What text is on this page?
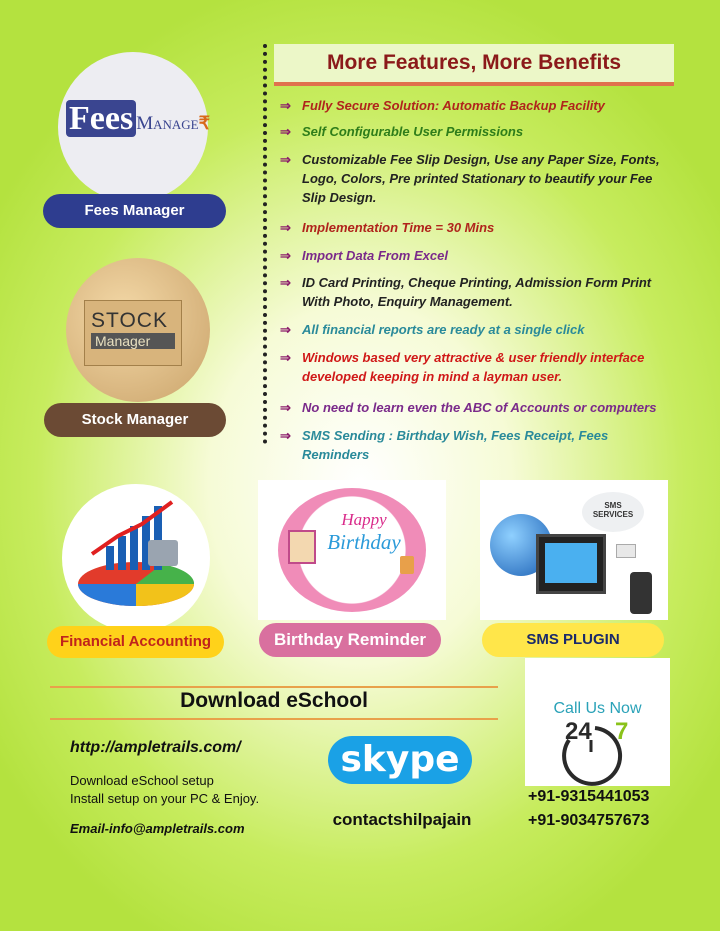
Fees Manage₹
Fees Manager
STOCK
Manager
Stock Manager
More Features, More Benefits
⇒ Fully Secure Solution: Automatic Backup Facility
⇒ Self Configurable User Permissions
⇒ Customizable Fee Slip Design, Use any Paper Size, Fonts, Logo, Colors, Pre printed Stationary to beautify your Fee Slip Design.
⇒ Implementation Time = 30 Mins
⇒ Import Data From Excel
⇒ ID Card Printing, Cheque Printing, Admission Form Print With Photo, Enquiry Management.
⇒ All financial reports are ready at a single click
⇒ Windows based very attractive & user friendly interface developed keeping in mind a layman user.
⇒ No need to learn even the ABC of Accounts or computers
⇒ SMS Sending : Birthday Wish, Fees Receipt, Fees Reminders
Financial Accounting
Happy
Birthday
Birthday Reminder
SMS
SERVICES
SMS PLUGIN
Download eSchool
http://ampletrails.com/
Download eSchool setup
Install setup on your PC & Enjoy.
Email-info@ampletrails.com
skype
contactshilpajain
Call Us Now
24 7
+91-9315441053
+91-9034757673
